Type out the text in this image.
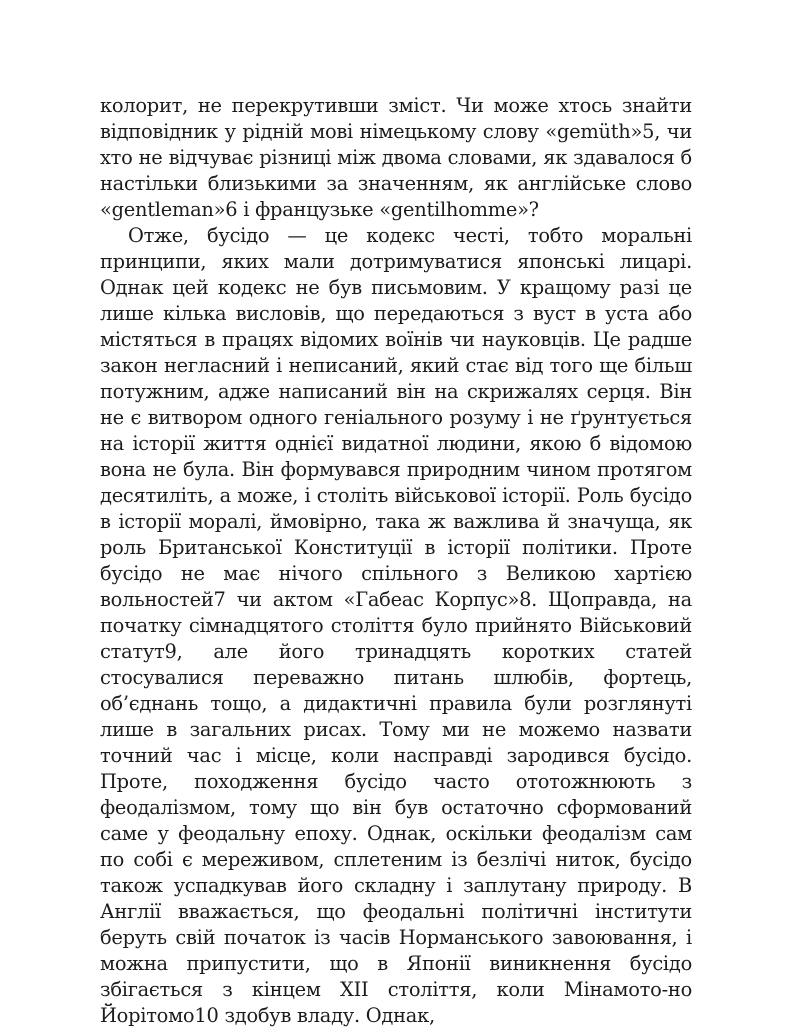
колорит, не перекрутивши зміст. Чи може хтось знайти відповідник у рідній мові німецькому слову «gemüth»5, чи хто не відчуває різниці між двома словами, як здавалося б настільки близькими за значенням, як англійське слово «gentleman»6 і французьке «gentilhomme»?

Отже, бусідо — це кодекс честі, тобто моральні принципи, яких мали дотримуватися японські лицарі. Однак цей кодекс не був письмовим. У кращому разі це лише кілька висловів, що передаються з вуст в уста або містяться в працях відомих воїнів чи науковців. Це радше закон негласний і неписаний, який стає від того ще більш потужним, адже написаний він на скрижалях серця. Він не є витвором одного геніального розуму і не ґрунтується на історії життя однієї видатної людини, якою б відомою вона не була. Він формувався природним чином протягом десятиліть, а може, і століть військової історії. Роль бусідо в історії моралі, ймовірно, така ж важлива й значуща, як роль Британської Конституції в історії політики. Проте бусідо не має нічого спільного з Великою хартією вольностей7 чи актом «Габеас Корпус»8. Щоправда, на початку сімнадцятого століття було прийнято Військовий статут9, але його тринадцять коротких статей стосувалися переважно питань шлюбів, фортець, об’єднань тощо, а дидактичні правила були розглянуті лише в загальних рисах. Тому ми не можемо назвати точний час і місце, коли насправді зародився бусідо. Проте, походження бусідо часто ототожнюють з феодалізмом, тому що він був остаточно сформований саме у феодальну епоху. Однак, оскільки феодалізм сам по собі є мереживом, сплетеним із безлічі ниток, бусідо також успадкував його складну і заплутану природу. В Англії вважається, що феодальні політичні інститути беруть свій початок із часів Норманського завоювання, і можна припустити, що в Японії виникнення бусідо збігається з кінцем XII століття, коли Мінамото-но Йорітомо10 здобув владу. Однак,
